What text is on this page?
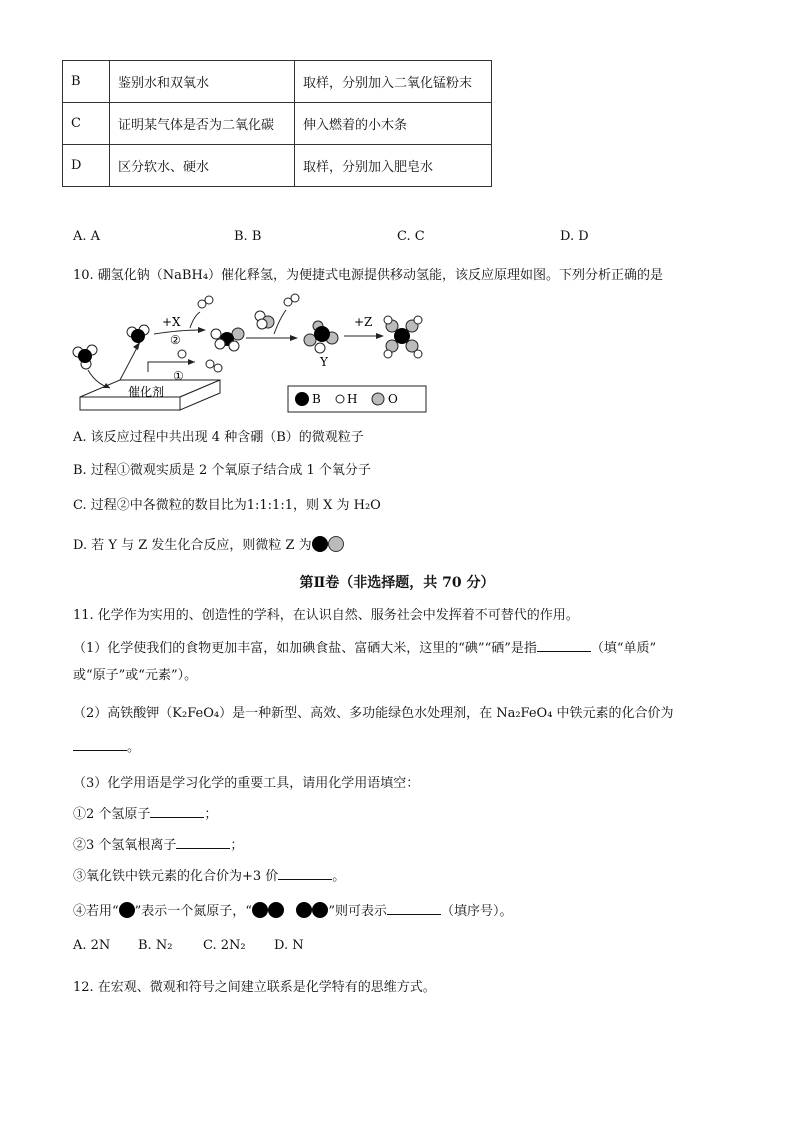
B	鉴别水和双氧水	取样，分别加入二氧化锰粉末
C	证明某气体是否为二氧化碳	伸入燃着的小木条
D	区分软水、硬水	取样，分别加入肥皂水
A. A	B. B	C. C	D. D
10. 硼氢化钠（NaBH₄）催化释氢，为便捷式电源提供移动氢能，该反应原理如图。下列分析正确的是
催化剂
①
+X
②
Y
+Z
B H	O
A. 该反应过程中共出现 4 种含硼（B）的微观粒子
B. 过程①微观实质是 2 个氧原子结合成 1 个氧分子
C. 过程②中各微粒的数目比为1:1:1:1，则 X 为 H₂O
D. 若 Y 与 Z 发生化合反应，则微粒 Z 为
第Ⅱ卷（非选择题，共 70 分）
11. 化学作为实用的、创造性的学科，在认识自然、服务社会中发挥着不可替代的作用。
（1）化学使我们的食物更加丰富，如加碘食盐、富硒大米，这里的“碘”“硒”是指	（填“单质”
或“原子”或“元素”）。
（2）高铁酸钾（K₂FeO₄）是一种新型、高效、多功能绿色水处理剂，在 Na₂FeO₄ 中铁元素的化合价为
。
（3）化学用语是学习化学的重要工具，请用化学用语填空：
①2 个氢原子	；
②3 个氢氧根离子	；
③氧化铁中铁元素的化合价为+3 价	。
④若用“ ”表示一个氮原子，“	”则可表示	（填序号）。
A. 2N B. N₂ C. 2N₂ D. N
12. 在宏观、微观和符号之间建立联系是化学特有的思维方式。
